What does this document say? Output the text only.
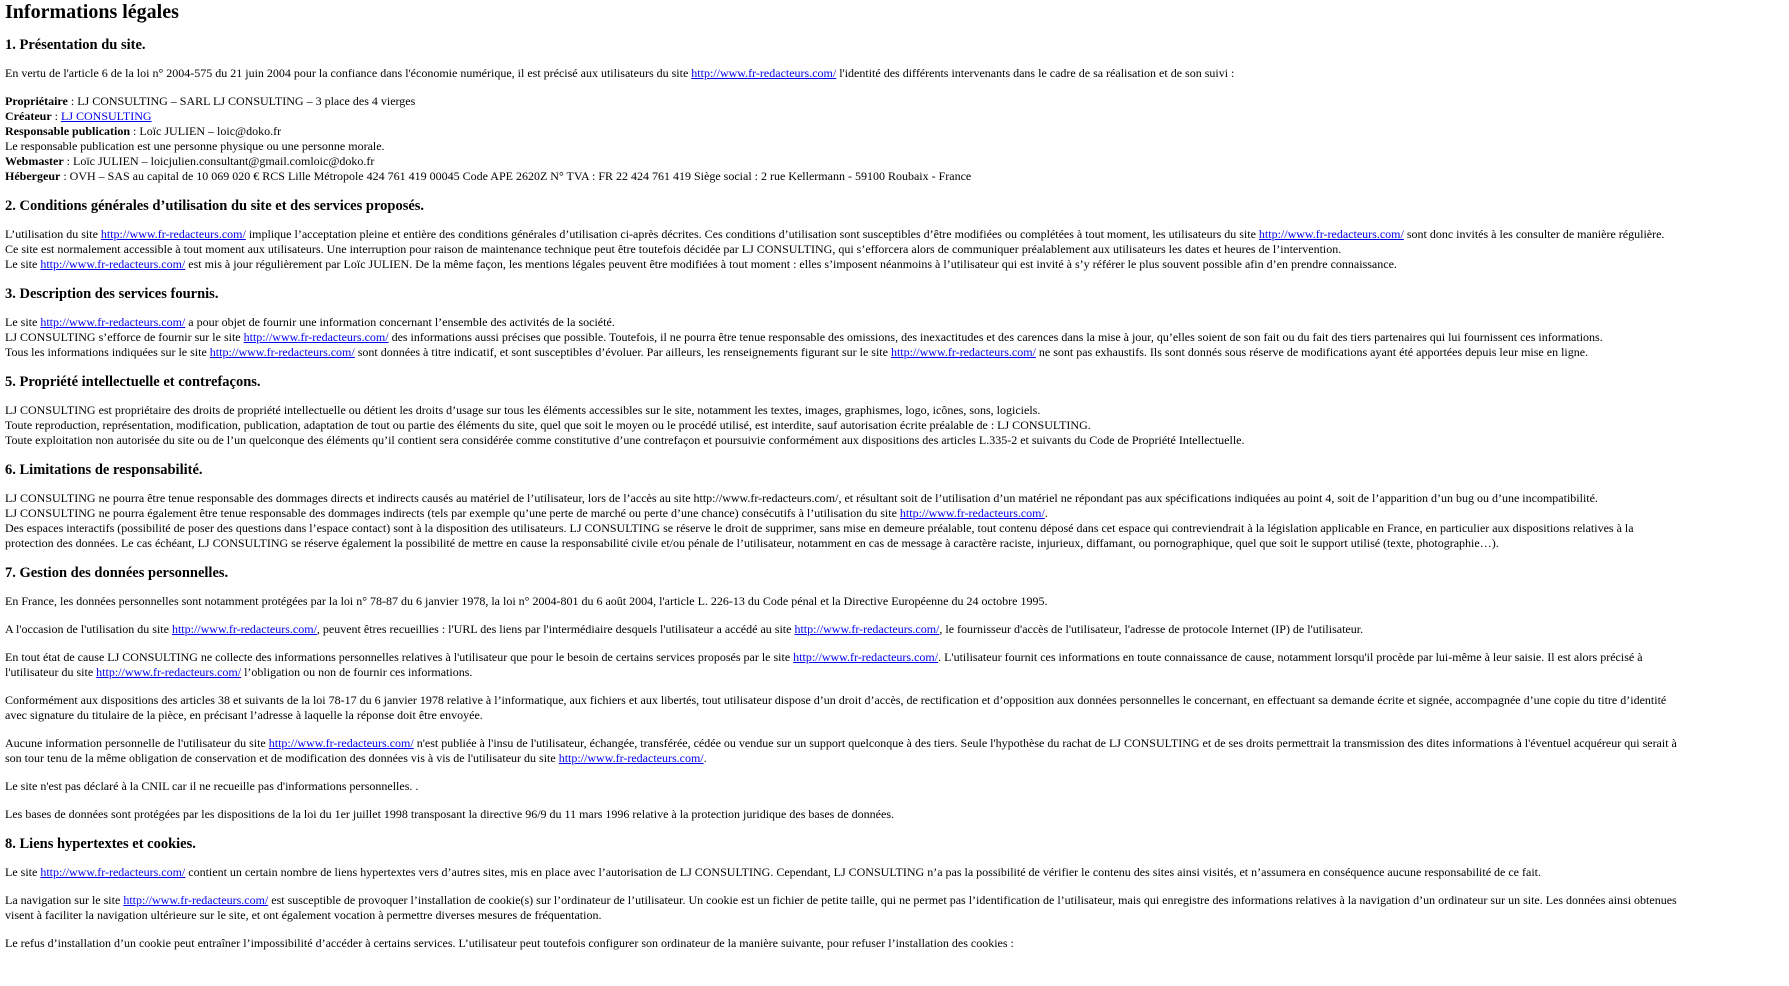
Informations légales
1. Présentation du site.

En vertu de l'article 6 de la loi n° 2004-575 du 21 juin 2004 pour la confiance dans l'économie numérique, il est précisé aux utilisateurs du site http://www.fr-redacteurs.com/ l'identité des différents intervenants dans le cadre de sa réalisation et de son suivi :

Propriétaire : LJ CONSULTING – SARL LJ CONSULTING – 3 place des 4 vierges

Créateur : LJ CONSULTING

Responsable publication : Loïc JULIEN – loic@doko.fr

Le responsable publication est une personne physique ou une personne morale.

Webmaster : Loïc JULIEN – loicjulien.consultant@gmail.comloic@doko.fr

Hébergeur : OVH – SAS au capital de 10 069 020 € RCS Lille Métropole 424 761 419 00045 Code APE 2620Z N° TVA : FR 22 424 761 419 Siège social : 2 rue Kellermann - 59100 Roubaix - France

2. Conditions générales d’utilisation du site et des services proposés.

L’utilisation du site http://www.fr-redacteurs.com/ implique l’acceptation pleine et entière des conditions générales d’utilisation ci-après décrites. Ces conditions d’utilisation sont susceptibles d’être modifiées ou complétées à tout moment, les utilisateurs du site http://www.fr-redacteurs.com/ sont donc invités à les consulter de manière régulière.

Ce site est normalement accessible à tout moment aux utilisateurs. Une interruption pour raison de maintenance technique peut être toutefois décidée par LJ CONSULTING, qui s’efforcera alors de communiquer préalablement aux utilisateurs les dates et heures de l’intervention.

Le site http://www.fr-redacteurs.com/ est mis à jour régulièrement par Loïc JULIEN. De la même façon, les mentions légales peuvent être modifiées à tout moment : elles s’imposent néanmoins à l’utilisateur qui est invité à s’y référer le plus souvent possible afin d’en prendre connaissance.

3. Description des services fournis.

Le site http://www.fr-redacteurs.com/ a pour objet de fournir une information concernant l’ensemble des activités de la société.

LJ CONSULTING s’efforce de fournir sur le site http://www.fr-redacteurs.com/ des informations aussi précises que possible. Toutefois, il ne pourra être tenue responsable des omissions, des inexactitudes et des carences dans la mise à jour, qu’elles soient de son fait ou du fait des tiers partenaires qui lui fournissent ces informations.

Tous les informations indiquées sur le site http://www.fr-redacteurs.com/ sont données à titre indicatif, et sont susceptibles d’évoluer. Par ailleurs, les renseignements figurant sur le site http://www.fr-redacteurs.com/ ne sont pas exhaustifs. Ils sont donnés sous réserve de modifications ayant été apportées depuis leur mise en ligne.

5. Propriété intellectuelle et contrefaçons.

LJ CONSULTING est propriétaire des droits de propriété intellectuelle ou détient les droits d’usage sur tous les éléments accessibles sur le site, notamment les textes, images, graphismes, logo, icônes, sons, logiciels.

Toute reproduction, représentation, modification, publication, adaptation de tout ou partie des éléments du site, quel que soit le moyen ou le procédé utilisé, est interdite, sauf autorisation écrite préalable de : LJ CONSULTING.

Toute exploitation non autorisée du site ou de l’un quelconque des éléments qu’il contient sera considérée comme constitutive d’une contrefaçon et poursuivie conformément aux dispositions des articles L.335-2 et suivants du Code de Propriété Intellectuelle.

6. Limitations de responsabilité.

LJ CONSULTING ne pourra être tenue responsable des dommages directs et indirects causés au matériel de l’utilisateur, lors de l’accès au site http://www.fr-redacteurs.com/, et résultant soit de l’utilisation d’un matériel ne répondant pas aux spécifications indiquées au point 4, soit de l’apparition d’un bug ou d’une incompatibilité.

LJ CONSULTING ne pourra également être tenue responsable des dommages indirects (tels par exemple qu’une perte de marché ou perte d’une chance) consécutifs à l’utilisation du site http://www.fr-redacteurs.com/.

Des espaces interactifs (possibilité de poser des questions dans l’espace contact) sont à la disposition des utilisateurs. LJ CONSULTING se réserve le droit de supprimer, sans mise en demeure préalable, tout contenu déposé dans cet espace qui contreviendrait à la législation applicable en France, en particulier aux dispositions relatives à la

protection des données. Le cas échéant, LJ CONSULTING se réserve également la possibilité de mettre en cause la responsabilité civile et/ou pénale de l’utilisateur, notamment en cas de message à caractère raciste, injurieux, diffamant, ou pornographique, quel que soit le support utilisé (texte, photographie…).

7. Gestion des données personnelles.

En France, les données personnelles sont notamment protégées par la loi n° 78-87 du 6 janvier 1978, la loi n° 2004-801 du 6 août 2004, l'article L. 226-13 du Code pénal et la Directive Européenne du 24 octobre 1995.

A l'occasion de l'utilisation du site http://www.fr-redacteurs.com/, peuvent êtres recueillies : l'URL des liens par l'intermédiaire desquels l'utilisateur a accédé au site http://www.fr-redacteurs.com/, le fournisseur d'accès de l'utilisateur, l'adresse de protocole Internet (IP) de l'utilisateur.

En tout état de cause LJ CONSULTING ne collecte des informations personnelles relatives à l'utilisateur que pour le besoin de certains services proposés par le site http://www.fr-redacteurs.com/. L'utilisateur fournit ces informations en toute connaissance de cause, notamment lorsqu'il procède par lui-même à leur saisie. Il est alors précisé à

l'utilisateur du site http://www.fr-redacteurs.com/ l’obligation ou non de fournir ces informations.

Conformément aux dispositions des articles 38 et suivants de la loi 78-17 du 6 janvier 1978 relative à l’informatique, aux fichiers et aux libertés, tout utilisateur dispose d’un droit d’accès, de rectification et d’opposition aux données personnelles le concernant, en effectuant sa demande écrite et signée, accompagnée d’une copie du titre d’identité

avec signature du titulaire de la pièce, en précisant l’adresse à laquelle la réponse doit être envoyée.

Aucune information personnelle de l'utilisateur du site http://www.fr-redacteurs.com/ n'est publiée à l'insu de l'utilisateur, échangée, transférée, cédée ou vendue sur un support quelconque à des tiers. Seule l'hypothèse du rachat de LJ CONSULTING et de ses droits permettrait la transmission des dites informations à l'éventuel acquéreur qui serait à

son tour tenu de la même obligation de conservation et de modification des données vis à vis de l'utilisateur du site http://www.fr-redacteurs.com/.

Le site n'est pas déclaré à la CNIL car il ne recueille pas d'informations personnelles. .

Les bases de données sont protégées par les dispositions de la loi du 1er juillet 1998 transposant la directive 96/9 du 11 mars 1996 relative à la protection juridique des bases de données.

8. Liens hypertextes et cookies.

Le site http://www.fr-redacteurs.com/ contient un certain nombre de liens hypertextes vers d’autres sites, mis en place avec l’autorisation de LJ CONSULTING. Cependant, LJ CONSULTING n’a pas la possibilité de vérifier le contenu des sites ainsi visités, et n’assumera en conséquence aucune responsabilité de ce fait.

La navigation sur le site http://www.fr-redacteurs.com/ est susceptible de provoquer l’installation de cookie(s) sur l’ordinateur de l’utilisateur. Un cookie est un fichier de petite taille, qui ne permet pas l’identification de l’utilisateur, mais qui enregistre des informations relatives à la navigation d’un ordinateur sur un site. Les données ainsi obtenues

visent à faciliter la navigation ultérieure sur le site, et ont également vocation à permettre diverses mesures de fréquentation.

Le refus d’installation d’un cookie peut entraîner l’impossibilité d’accéder à certains services. L’utilisateur peut toutefois configurer son ordinateur de la manière suivante, pour refuser l’installation des cookies :
